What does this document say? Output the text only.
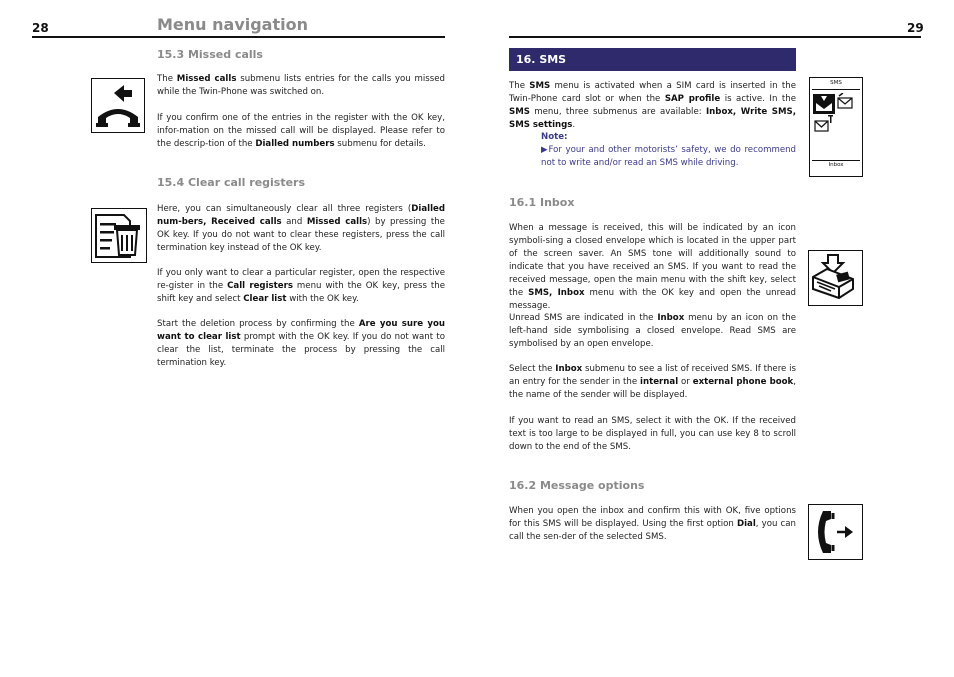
28	Menu navigation
15.3 Missed calls
The Missed calls submenu lists entries for the calls you missed while the Twin-Phone was switched on.
If you confirm one of the entries in the register with the OK key, infor-mation on the missed call will be displayed. Please refer to the descrip-tion of the Dialled numbers submenu for details.
15.4 Clear call registers
Here, you can simultaneously clear all three registers (Dialled num-bers, Received calls and Missed calls) by pressing the OK key. If you do not want to clear these registers, press the call termination key instead of the OK key.
If you only want to clear a particular register, open the respective re-gister in the Call registers menu with the OK key, press the shift key and select Clear list with the OK key.
Start the deletion process by confirming the Are you sure you want to clear list prompt with the OK key. If you do not want to clear the list, terminate the process by pressing the call termination key.
29
16. SMS
The SMS menu is activated when a SIM card is inserted in the Twin-Phone card slot or when the SAP profile is active. In the SMS menu, three submenus are available: Inbox, Write SMS, SMS settings.
Note:
▶For your and other motorists’ safety, we do recommend not to write and/or read an SMS while driving.
SMS
Inbox
16.1 Inbox
When a message is received, this will be indicated by an icon symboli-sing a closed envelope which is located in the upper part of the screen saver. An SMS tone will additionally sound to indicate that you have received an SMS. If you want to read the received message, open the main menu with the shift key, select the SMS, Inbox menu with the OK key and open the unread message.
Unread SMS are indicated in the Inbox menu by an icon on the left-hand side symbolising a closed envelope. Read SMS are symbolised by an open envelope.
Select the Inbox submenu to see a list of received SMS. If there is an entry for the sender in the internal or external phone book, the name of the sender will be displayed.
If you want to read an SMS, select it with the OK. If the received text is too large to be displayed in full, you can use key 8 to scroll down to the end of the SMS.
16.2 Message options
When you open the inbox and confirm this with OK, five options for this SMS will be displayed. Using the first option Dial, you can call the sen-der of the selected SMS.
